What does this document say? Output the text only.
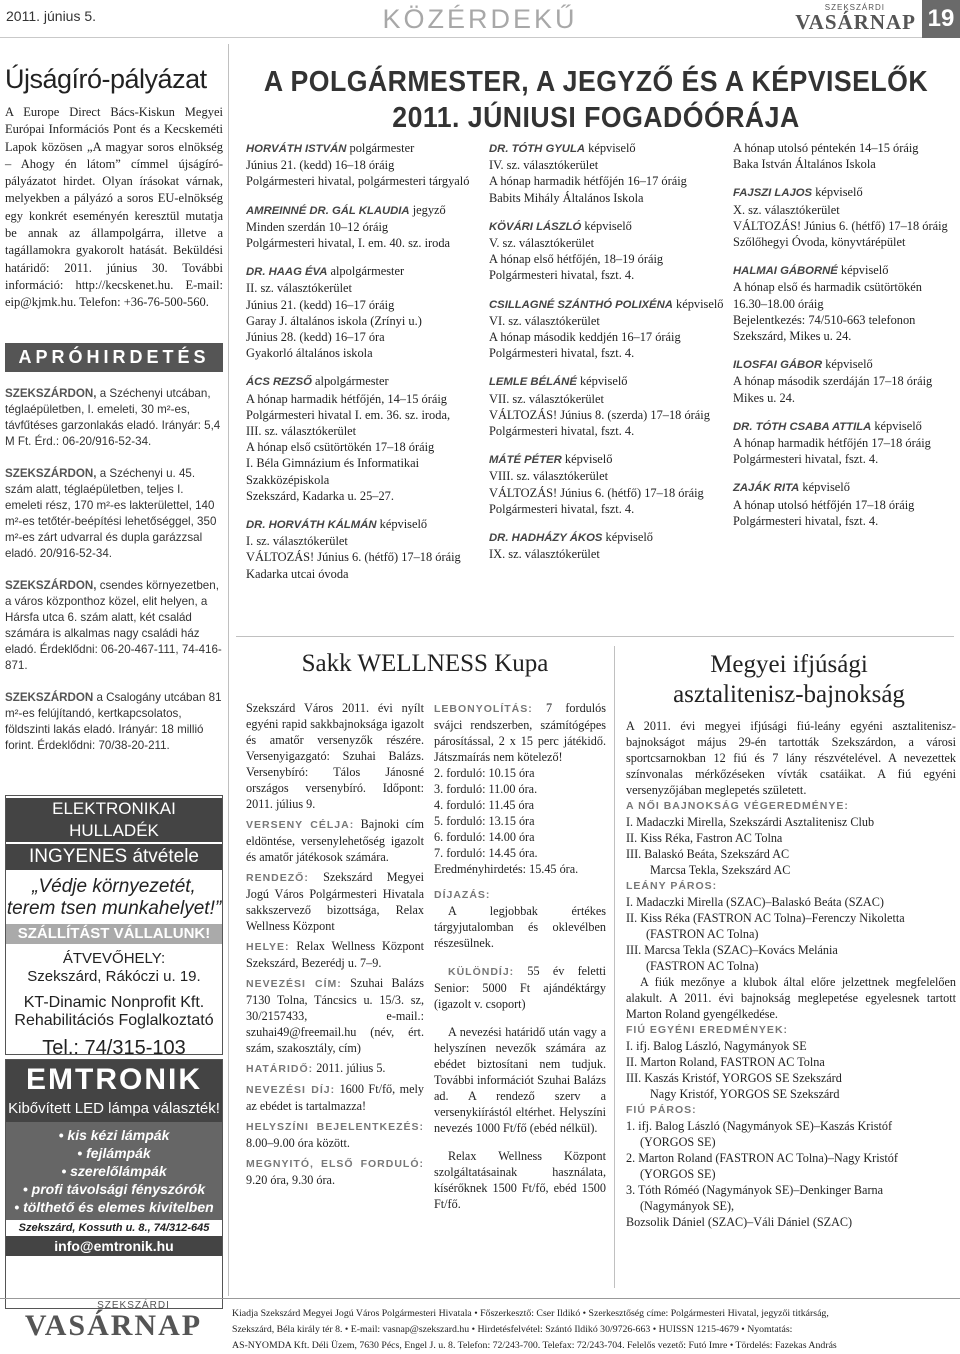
2011. június 5.	KÖZÉRDEKŰ	SZEKSZÁRDI
VASÁRNAP 19
Újságíró-pályázat
A Europe Direct Bács-Kiskun Megyei Európai Információs Pont és a Kecskeméti Lapok közösen „A magyar soros elnökség – Ahogy én látom” címmel újságíró-pályázatot hirdet. Olyan írásokat várnak, melyekben a pályázó a soros EU-elnökség egy konkrét eseményén keresztül mutatja be annak az állampolgárra, illetve a tagállamokra gyakorolt hatását. Beküldési határidő: 2011. június 30. További információ: http://kecskenet.hu. E-mail: eip@kjmk.hu. Telefon: +36-76-500-560.
APRÓHIRDETÉS

SZEKSZÁRDON, a Széchenyi utcában, téglaépületben, I. emeleti, 30 m²-es, távfűtéses garzonlakás eladó. Irányár: 5,4 M Ft. Érd.: 06-20/916-52-34.

SZEKSZÁRDON, a Széchenyi u. 45. szám alatt, téglaépületben, teljes I. emeleti rész, 170 m²-es lakterülettel, 140 m²-es tetőtér-beépítési lehetőséggel, 350 m²-es zárt udvarral és dupla garázzsal eladó. 20/916-52-34.

SZEKSZÁRDON, csendes környezetben, a város központhoz közel, elit helyen, a Hársfa utca 6. szám alatt, két család számára is alkalmas nagy családi ház eladó. Érdeklődni: 06-20-467-111, 74-416-871.

SZEKSZÁRDON a Csalogány utcában 81 m²-es felújítandó, kertkapcsolatos, földszinti lakás eladó. Irányár: 18 millió forint. Érdeklődni: 70/38-20-211.

ELEKTRONIKAI HULLADÉK
INGYENES átvétele
„Védje környezetét,
terem tsen munkahelyet!”
SZÁLLÍTÁST VÁLLALUNK!
ÁTVEVŐHELY:
Szekszárd, Rákóczi u. 19.
KT-Dinamic Nonprofit Kft.
Rehabilitációs Foglalkoztató
Tel.: 74/315-103
EMTRONIK
Kibővített LED lámpa választék!
• kis kézi lámpák
• fejlámpák
• szerelőlámpák
• profi távolsági fényszórók
• tölthető és elemes kivitelben
Szekszárd, Kossuth u. 8., 74/312-645
info@emtronik.hu
A POLGÁRMESTER, A JEGYZŐ ÉS A KÉPVISELŐK
2011. JÚNIUSI FOGADÓÓRÁJA

HORVÁTH ISTVÁN polgármester
Június 21. (kedd) 16–18 óráig
Polgármesteri hivatal, polgármesteri tárgyaló

AMREINNÉ DR. GÁL KLAUDIA jegyző
Minden szerdán 10–12 óráig
Polgármesteri hivatal, I. em. 40. sz. iroda

DR. HAAG ÉVA alpolgármester
II. sz. választókerület
Június 21. (kedd) 16–17 óráig
Garay J. általános iskola (Zrínyi u.)
Június 28. (kedd) 16–17 óra
Gyakorló általános iskola

ÁCS REZSŐ alpolgármester
A hónap harmadik hétfőjén, 14–15 óráig
Polgármesteri hivatal I. em. 36. sz. iroda,
III. sz. választókerület
A hónap első csütörtökén 17–18 óráig
I. Béla Gimnázium és Informatikai Szakközépiskola
Szekszárd, Kadarka u. 25–27.

DR. HORVÁTH KÁLMÁN képviselő
I. sz. választókerület
VÁLTOZÁS! Június 6. (hétfő) 17–18 óráig
Kadarka utcai óvoda

DR. TÓTH GYULA képviselő
IV. sz. választókerület
A hónap harmadik hétfőjén 16–17 óráig
Babits Mihály Általános Iskola

KÖVÁRI LÁSZLÓ képviselő
V. sz. választókerület
A hónap első hétfőjén, 18–19 óráig
Polgármesteri hivatal, fszt. 4.

CSILLAGNÉ SZÁNTHÓ POLIXÉNA képviselő
VI. sz. választókerület
A hónap második keddjén 16–17 óráig
Polgármesteri hivatal, fszt. 4.

LEMLE BÉLÁNÉ képviselő
VII. sz. választókerület
VÁLTOZÁS! Június 8. (szerda) 17–18 óráig
Polgármesteri hivatal, fszt. 4.

MÁTÉ PÉTER képviselő
VIII. sz. választókerület
VÁLTOZÁS! Június 6. (hétfő) 17–18 óráig
Polgármesteri hivatal, fszt. 4.

DR. HADHÁZY ÁKOS képviselő
IX. sz. választókerület

A hónap utolsó péntekén 14–15 óráig
Baka István Általános Iskola

FAJSZI LAJOS képviselő
X. sz. választókerület
VÁLTOZÁS! Június 6. (hétfő) 17–18 óráig
Szőlőhegyi Óvoda, könyvtárépület

HALMAI GÁBORNÉ képviselő
A hónap első és harmadik csütörtökén 16.30–18.00 óráig
Bejelentkezés: 74/510-663 telefonon
Szekszárd, Mikes u. 24.

ILOSFAI GÁBOR képviselő
A hónap második szerdáján 17–18 óráig
Mikes u. 24.

DR. TÓTH CSABA ATTILA képviselő
A hónap harmadik hétfőjén 17–18 óráig
Polgármesteri hivatal, fszt. 4.

ZAJÁK RITA képviselő
A hónap utolsó hétfőjén 17–18 óráig
Polgármesteri hivatal, fszt. 4.

Sakk WELLNESS Kupa

Szekszárd Város 2011. évi nyílt egyéni rapid sakkbajnoksága igazolt és amatőr versenyzők részére. Versenyigazgató: Szuhai Balázs. Versenybíró: Tálos Jánosné országos versenybíró. Időpont: 2011. július 9.

VERSENY CÉLJA: Bajnoki cím eldöntése, versenylehetőség igazolt és amatőr játékosok számára.

RENDEZŐ: Szekszárd Megyei Jogú Város Polgármesteri Hivatala sakkszervező bizottsága, Relax Wellness Központ

HELYE: Relax Wellness Központ Szekszárd, Bezerédj u. 7–9.

NEVEZÉSI CÍM: Szuhai Balázs 7130 Tolna, Táncsics u. 15/3. sz, 30/2157433, e-mail.: szuhai49@freemail.hu (név, ért. szám, szakosztály, cím)

HATÁRIDŐ: 2011. július 5.

NEVEZÉSI DÍJ: 1600 Ft/fő, mely az ebédet is tartalmazza!

HELYSZÍNI BEJELENTKEZÉS: 8.00–9.00 óra között.

MEGNYITÓ, ELSŐ FORDULÓ: 9.20 óra, 9.30 óra.

LEBONYOLÍTÁS: 7 fordulós svájci rendszerben, számítógépes párosítással, 2 x 15 perc játékidő. Játszmaírás nem kötelező!

2. forduló: 10.15 óra
3. forduló: 11.00 óra.
4. forduló: 11.45 óra
5. forduló: 13.15 óra
6. forduló: 14.00 óra
7. forduló: 14.45 óra.
Eredményhirdetés: 15.45 óra.
DÍJAZÁS:

A legjobbak értékes tárgyjutalomban és oklevélben részesülnek.

KÜLÖNDÍJ: 55 év feletti Senior: 5000 Ft ajándéktárgy (igazolt v. csoport)

A nevezési határidő után vagy a helyszínen nevezők számára az ebédet biztosítani nem tudjuk. További információt Szuhai Balázs ad. A rendező szerv a versenykiírástól eltérhet. Helyszíni nevezés 1000 Ft/fő (ebéd nélkül).

Relax Wellness Központ szolgáltatásainak használata, kísérőknek 1500 Ft/fő, ebéd 1500 Ft/fő.

Megyei ifjúsági
asztalitenisz-bajnokság

A 2011. évi megyei ifjúsági fiú-leány egyéni asztalitenisz-bajnokságot május 29-én tartották Szekszárdon, a városi sportcsarnokban 12 fiú és 7 lány részvételével. A nevezettek színvonalas mérkőzéseken vívták csatáikat. A fiú egyéni versenyzőjában meglepetés született.

A NŐI BAJNOKSÁG VÉGEREDMÉNYE:
I. Madaczki Mirella, Szekszárdi Asztalitenisz Club
II. Kiss Réka, Fastron AC Tolna
III. Balaskó Beáta, Szekszárd AC
Marcsa Tekla, Szekszárd AC
LEÁNY PÁROS:
I. Madaczki Mirella (SZAC)–Balaskó Beáta (SZAC)
II. Kiss Réka (FASTRON AC Tolna)–Ferenczy Nikoletta
(FASTRON AC Tolna)
III. Marcsa Tekla (SZAC)–Kovács Melánia
(FASTRON AC Tolna)

A fiúk mezőnye a klubok által előre jelzettnek megfelelően alakult. A 2011. évi bajnokság meglepetése egyelesnek tartott Marton Roland gyengélkedése.

FIÚ EGYÉNI EREDMÉNYEK:
I. ifj. Balog László, Nagymányok SE
II. Marton Roland, FASTRON AC Tolna
III. Kaszás Kristóf, YORGOS SE Szekszárd
Nagy Kristóf, YORGOS SE Szekszárd
FIÚ PÁROS:
1. ifj. Balog László (Nagymányok SE)–Kaszás Kristóf
(YORGOS SE)
2. Marton Roland (FASTRON AC Tolna)–Nagy Kristóf
(YORGOS SE)
3. Tóth Róméó (Nagymányok SE)–Denkinger Barna
(Nagymányok SE),
Bozsolik Dániel (SZAC)–Váli Dániel (SZAC)
SZEKSZÁRDI
VASÁRNAP	Kiadja Szekszárd Megyei Jogú Város Polgármesteri Hivatala • Főszerkesztő: Cser Ildikó • Szerkesztőség címe: Polgármesteri Hivatal, jegyzői titkárság,
Szekszárd, Béla király tér 8. • E-mail: vasnap@szekszard.hu • Hirdetésfelvétel: Szántó Ildikó 30/9726-663 • HUISSN 1215-4679 • Nyomtatás:
AS-NYOMDA Kft. Déli Üzem, 7630 Pécs, Engel J. u. 8. Telefon: 72/243-700. Telefax: 72/243-704. Felelős vezető: Futó Imre • Tördelés: Fazekas András
